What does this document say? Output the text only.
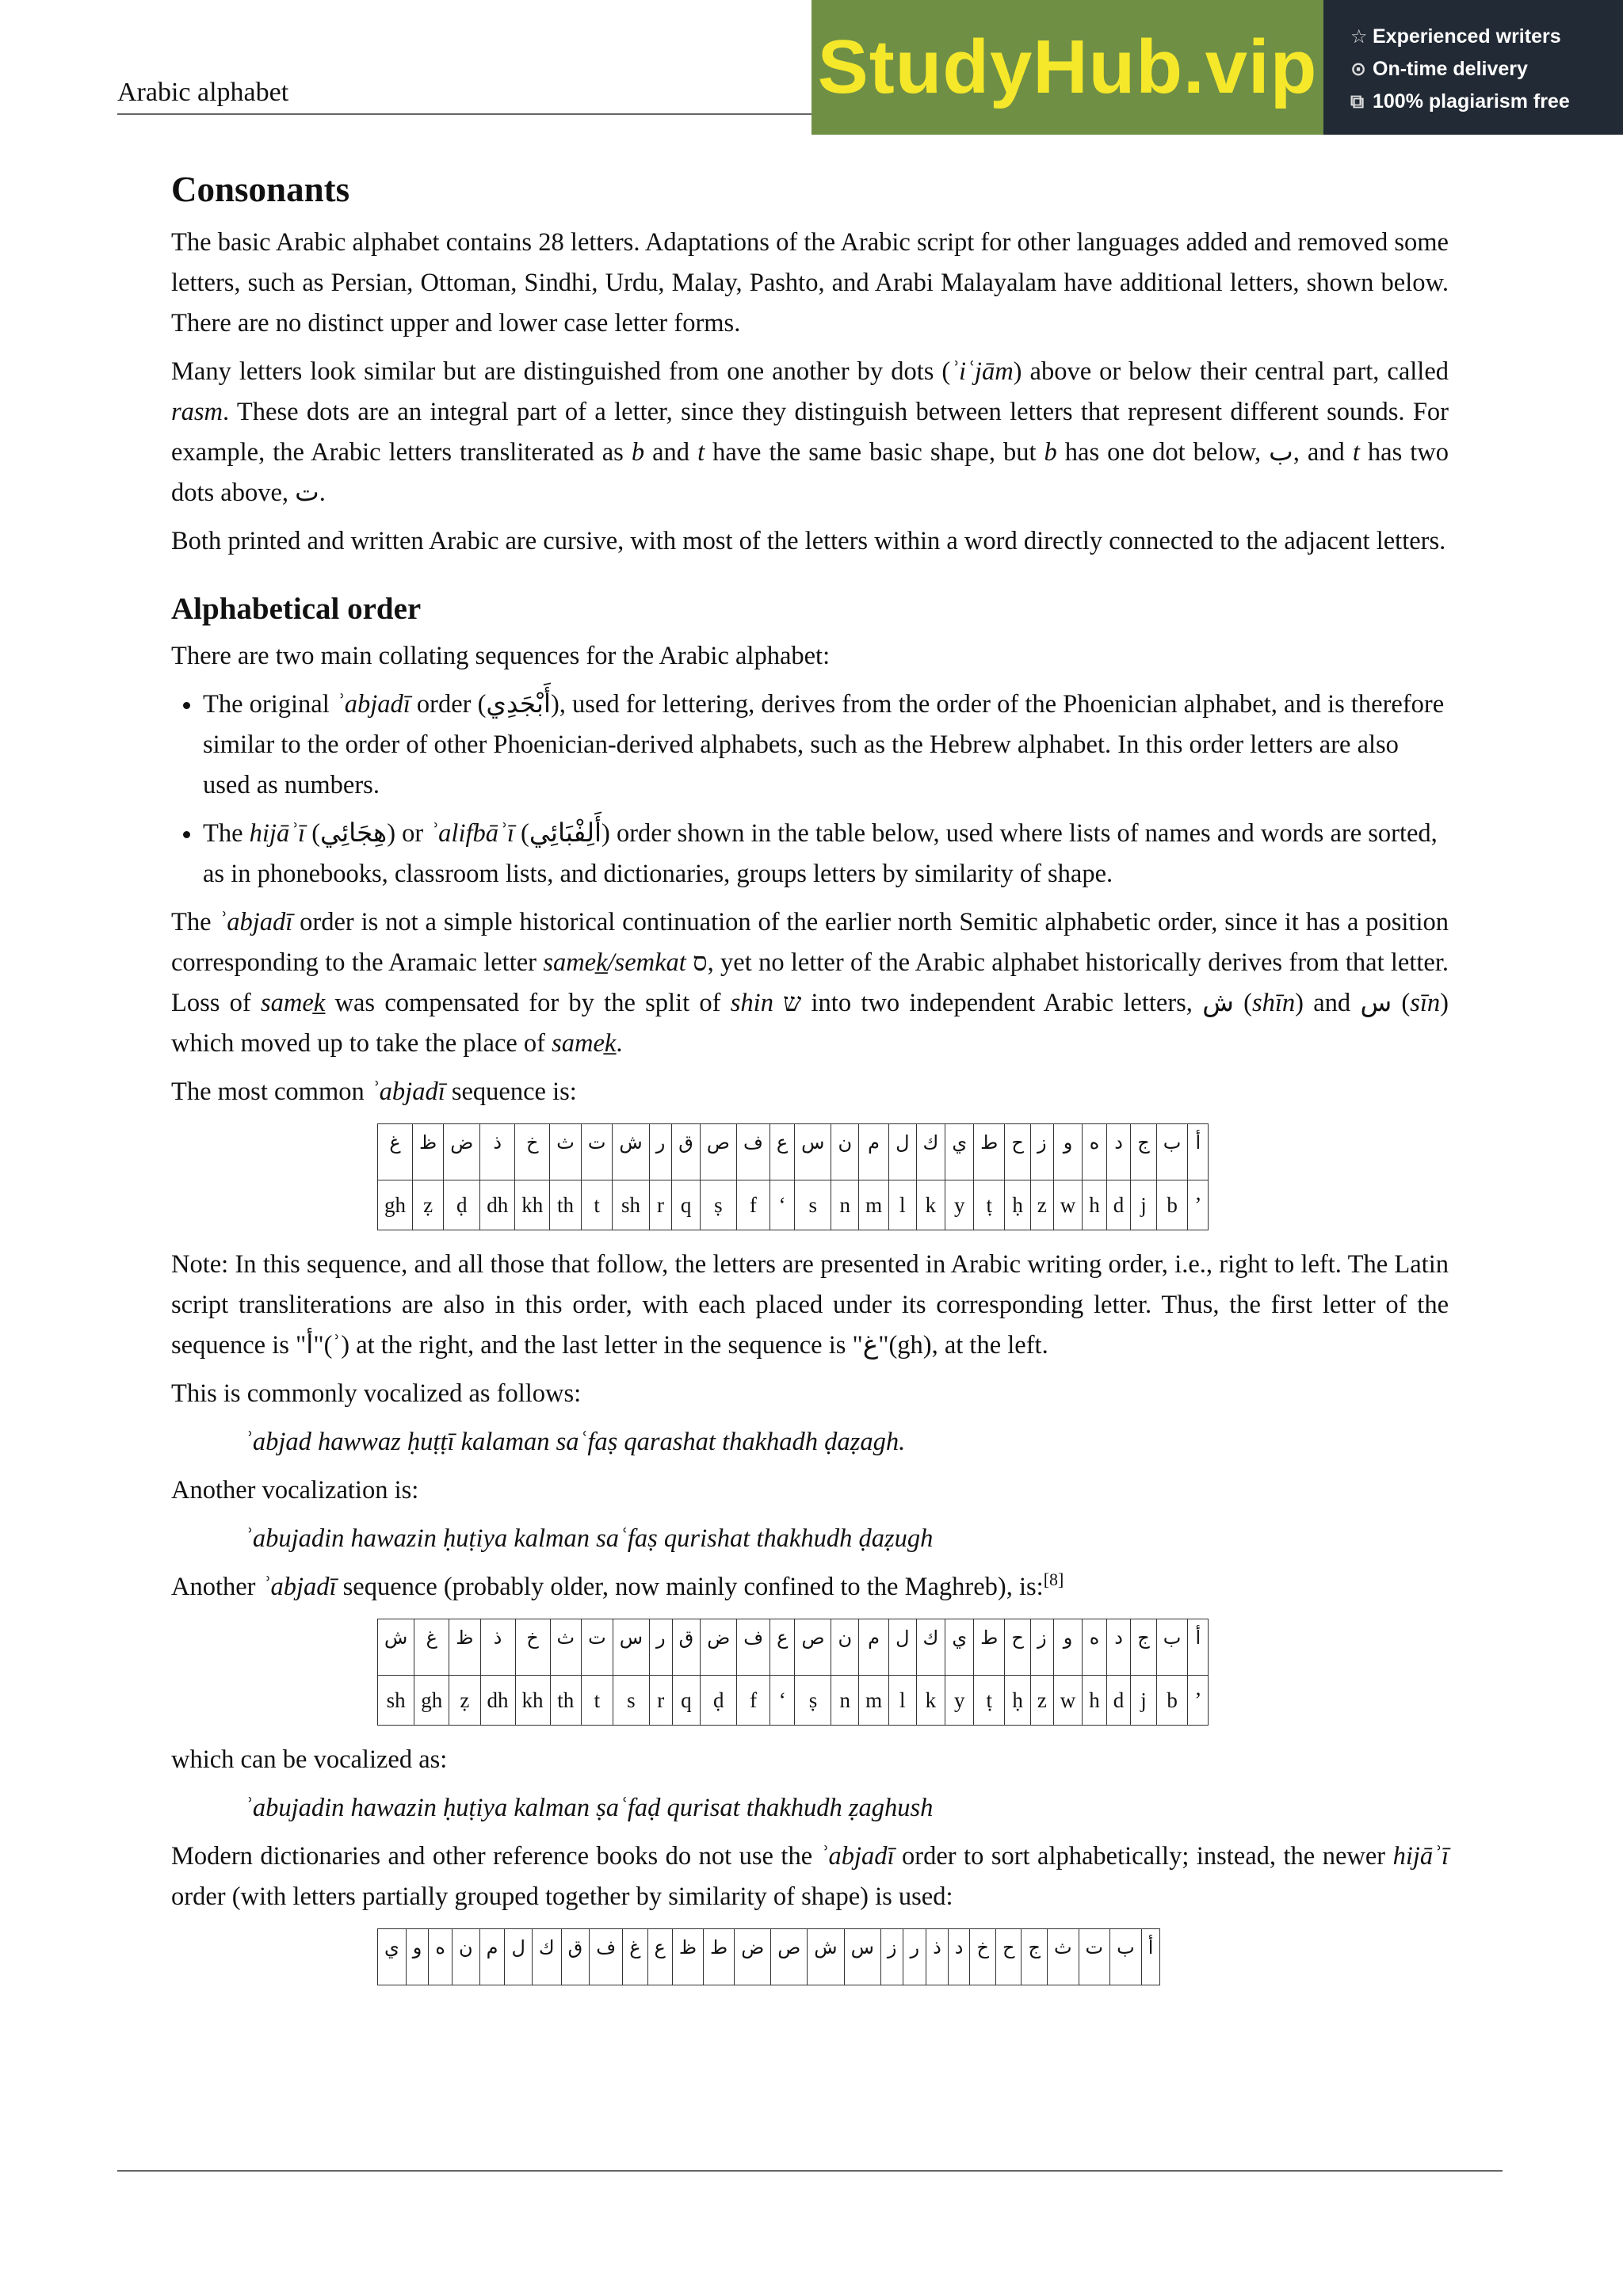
Arabic alphabet	StudyHub.vip ☆ Experienced writers
⊙ On-time delivery
⧉ 100% plagiarism free
Consonants

The basic Arabic alphabet contains 28 letters. Adaptations of the Arabic script for other languages added and removed some letters, such as Persian, Ottoman, Sindhi, Urdu, Malay, Pashto, and Arabi Malayalam have additional letters, shown below. There are no distinct upper and lower case letter forms.

Many letters look similar but are distinguished from one another by dots (ʾiʿjām) above or below their central part, called rasm. These dots are an integral part of a letter, since they distinguish between letters that represent different sounds. For example, the Arabic letters transliterated as b and t have the same basic shape, but b has one dot below, ب, and t has two dots above, ت.

Both printed and written Arabic are cursive, with most of the letters within a word directly connected to the adjacent letters.

Alphabetical order

There are two main collating sequences for the Arabic alphabet:

• The original ʾabjadī order (أَبْجَدِي), used for lettering, derives from the order of the Phoenician alphabet, and is therefore similar to the order of other Phoenician-derived alphabets, such as the Hebrew alphabet. In this order letters are also used as numbers.
• The hijāʾī (هِجَائِي) or ʾalifbāʾī (أَلِفْبَائِي) order shown in the table below, used where lists of names and words are sorted, as in phonebooks, classroom lists, and dictionaries, groups letters by similarity of shape.

The ʾabjadī order is not a simple historical continuation of the earlier north Semitic alphabetic order, since it has a position corresponding to the Aramaic letter samek̲/semkat ס, yet no letter of the Arabic alphabet historically derives from that letter. Loss of samek̲ was compensated for by the split of shin ש into two independent Arabic letters, ش (shīn) and س (sīn) which moved up to take the place of samek̲.

The most common ʾabjadī sequence is:

غ	ظ	ض	ذ	خ	ث	ت	ش	ر	ق	ص	ف	ع	س	ن	م	ل	ك	ي	ط	ح	ز	و	ه	د	ج	ب	أ
gh	ẓ	ḍ	dh	kh	th	t	sh	r	q	ṣ	f	ʻ	s	n	m	l	k	y	ṭ	ḥ	z	w	h	d	j	b	ʼ

Note: In this sequence, and all those that follow, the letters are presented in Arabic writing order, i.e., right to left. The Latin script transliterations are also in this order, with each placed under its corresponding letter. Thus, the first letter of the sequence is "أ"(ʾ) at the right, and the last letter in the sequence is "غ"(gh), at the left.

This is commonly vocalized as follows:

ʾabjad hawwaz ḥuṭṭī kalaman saʿfaṣ qarashat thakhadh ḍaẓagh.

Another vocalization is:

ʾabujadin hawazin ḥuṭiya kalman saʿfaṣ qurishat thakhudh ḍaẓugh

Another ʾabjadī sequence (probably older, now mainly confined to the Maghreb), is:[8]

ش	غ	ظ	ذ	خ	ث	ت	س	ر	ق	ض	ف	ع	ص	ن	م	ل	ك	ي	ط	ح	ز	و	ه	د	ج	ب	أ
sh	gh	ẓ	dh	kh	th	t	s	r	q	ḍ	f	ʻ	ṣ	n	m	l	k	y	ṭ	ḥ	z	w	h	d	j	b	ʼ

which can be vocalized as:

ʾabujadin hawazin ḥuṭiya kalman ṣaʿfaḍ qurisat thakhudh ẓaghush

Modern dictionaries and other reference books do not use the ʾabjadī order to sort alphabetically; instead, the newer hijāʾī order (with letters partially grouped together by similarity of shape) is used:

ي	و	ه	ن	م	ل	ك	ق	ف	غ	ع	ظ	ط	ض	ص	ش	س	ز	ر	ذ	د	خ	ح	ج	ث	ت	ب	أ
